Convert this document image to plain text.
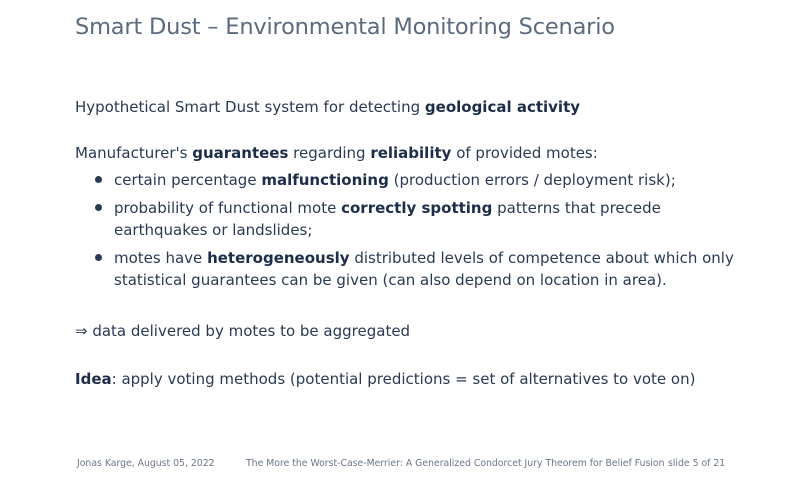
Smart Dust – Environmental Monitoring Scenario

Hypothetical Smart Dust system for detecting geological activity

Manufacturer's guarantees regarding reliability of provided motes:

certain percentage malfunctioning (production errors / deployment risk);
probability of functional mote correctly spotting patterns that precede
earthquakes or landslides;
motes have heterogeneously distributed levels of competence about which only
statistical guarantees can be given (can also depend on location in area).

⇒ data delivered by motes to be aggregated

Idea: apply voting methods (potential predictions = set of alternatives to vote on)

Jonas Karge, August 05, 2022	The More the Worst-Case-Merrier: A Generalized Condorcet Jury Theorem for Belief Fusion slide 5 of 21
